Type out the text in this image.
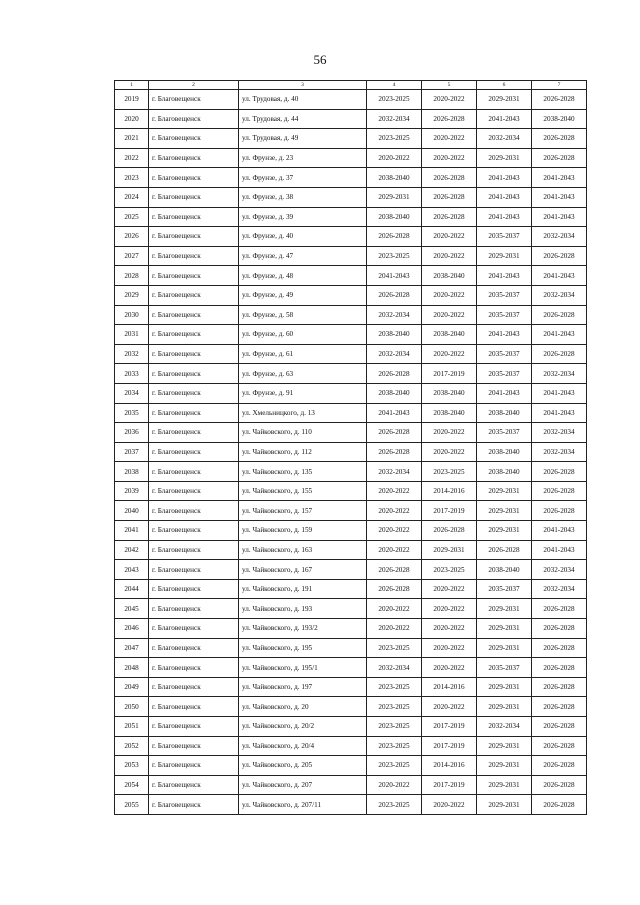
56
1	2	3	4	5	6	7
2019	г. Благовещенск	ул. Трудовая, д. 40	2023-2025	2020-2022	2029-2031	2026-2028
2020	г. Благовещенск	ул. Трудовая, д. 44	2032-2034	2026-2028	2041-2043	2038-2040
2021	г. Благовещенск	ул. Трудовая, д. 49	2023-2025	2020-2022	2032-2034	2026-2028
2022	г. Благовещенск	ул. Фрунзе, д. 23	2020-2022	2020-2022	2029-2031	2026-2028
2023	г. Благовещенск	ул. Фрунзе, д. 37	2038-2040	2026-2028	2041-2043	2041-2043
2024	г. Благовещенск	ул. Фрунзе, д. 38	2029-2031	2026-2028	2041-2043	2041-2043
2025	г. Благовещенск	ул. Фрунзе, д. 39	2038-2040	2026-2028	2041-2043	2041-2043
2026	г. Благовещенск	ул. Фрунзе, д. 40	2026-2028	2020-2022	2035-2037	2032-2034
2027	г. Благовещенск	ул. Фрунзе, д. 47	2023-2025	2020-2022	2029-2031	2026-2028
2028	г. Благовещенск	ул. Фрунзе, д. 48	2041-2043	2038-2040	2041-2043	2041-2043
2029	г. Благовещенск	ул. Фрунзе, д. 49	2026-2028	2020-2022	2035-2037	2032-2034
2030	г. Благовещенск	ул. Фрунзе, д. 58	2032-2034	2020-2022	2035-2037	2026-2028
2031	г. Благовещенск	ул. Фрунзе, д. 60	2038-2040	2038-2040	2041-2043	2041-2043
2032	г. Благовещенск	ул. Фрунзе, д. 61	2032-2034	2020-2022	2035-2037	2026-2028
2033	г. Благовещенск	ул. Фрунзе, д. 63	2026-2028	2017-2019	2035-2037	2032-2034
2034	г. Благовещенск	ул. Фрунзе, д. 91	2038-2040	2038-2040	2041-2043	2041-2043
2035	г. Благовещенск	ул. Хмельницкого, д. 13	2041-2043	2038-2040	2038-2040	2041-2043
2036	г. Благовещенск	ул. Чайковского, д. 110	2026-2028	2020-2022	2035-2037	2032-2034
2037	г. Благовещенск	ул. Чайковского, д. 112	2026-2028	2020-2022	2038-2040	2032-2034
2038	г. Благовещенск	ул. Чайковского, д. 135	2032-2034	2023-2025	2038-2040	2026-2028
2039	г. Благовещенск	ул. Чайковского, д. 155	2020-2022	2014-2016	2029-2031	2026-2028
2040	г. Благовещенск	ул. Чайковского, д. 157	2020-2022	2017-2019	2029-2031	2026-2028
2041	г. Благовещенск	ул. Чайковского, д. 159	2020-2022	2026-2028	2029-2031	2041-2043
2042	г. Благовещенск	ул. Чайковского, д. 163	2020-2022	2029-2031	2026-2028	2041-2043
2043	г. Благовещенск	ул. Чайковского, д. 167	2026-2028	2023-2025	2038-2040	2032-2034
2044	г. Благовещенск	ул. Чайковского, д. 191	2026-2028	2020-2022	2035-2037	2032-2034
2045	г. Благовещенск	ул. Чайковского, д. 193	2020-2022	2020-2022	2029-2031	2026-2028
2046	г. Благовещенск	ул. Чайковского, д. 193/2	2020-2022	2020-2022	2029-2031	2026-2028
2047	г. Благовещенск	ул. Чайковского, д. 195	2023-2025	2020-2022	2029-2031	2026-2028
2048	г. Благовещенск	ул. Чайковского, д. 195/1	2032-2034	2020-2022	2035-2037	2026-2028
2049	г. Благовещенск	ул. Чайковского, д. 197	2023-2025	2014-2016	2029-2031	2026-2028
2050	г. Благовещенск	ул. Чайковского, д. 20	2023-2025	2020-2022	2029-2031	2026-2028
2051	г. Благовещенск	ул. Чайковского, д. 20/2	2023-2025	2017-2019	2032-2034	2026-2028
2052	г. Благовещенск	ул. Чайковского, д. 20/4	2023-2025	2017-2019	2029-2031	2026-2028
2053	г. Благовещенск	ул. Чайковского, д. 205	2023-2025	2014-2016	2029-2031	2026-2028
2054	г. Благовещенск	ул. Чайковского, д. 207	2020-2022	2017-2019	2029-2031	2026-2028
2055	г. Благовещенск	ул. Чайковского, д. 207/11	2023-2025	2020-2022	2029-2031	2026-2028
